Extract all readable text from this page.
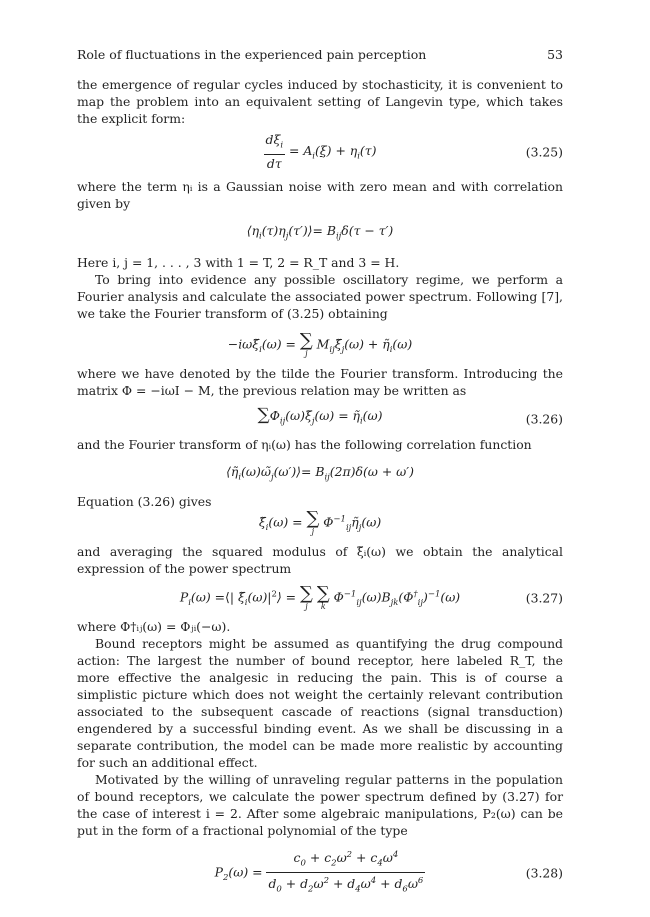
Role of fluctuations in the experienced pain perception	53

the emergence of regular cycles induced by stochasticity, it is convenient to map the problem into an equivalent setting of Langevin type, which takes the explicit form:

$\frac{d\xi_i}{d\tau} = A_i(\xi) + \eta_i(\tau)$	(3.25)

where the term ηᵢ is a Gaussian noise with zero mean and with correlation given by

$⟨\eta_i(\tau)\eta_j(\tau')⟩= B_{ij}\delta(\tau - \tau')$

Here i, j = 1, . . . , 3 with 1 = T, 2 = R_T and 3 = H.

To bring into evidence any possible oscillatory regime, we perform a Fourier analysis and calculate the associated power spectrum. Following [7], we take the Fourier transform of (3.25) obtaining

$-i\omega\xĩ_i(\omega)$ = ∑
j
$M_{ij}\xĩ_j(\omega)$ + $\etã_i(\omega)$

where we have denoted by the tilde the Fourier transform. Introducing the matrix Φ = −iωI − M, the previous relation may be written as

$\sum\Phi_{ij}(\omega)\xĩ_j(\omega)$ = $\etã_i(\omega)$	(3.26)

and the Fourier transform of ηᵢ(ω) has the following correlation function

$⟨\etã_i(\omega)\omegã_j(\omega')⟩= B_{ij}(2\pi)\delta(\omega + \omega')$

Equation (3.26) gives

$\xĩ_i(\omega)$ = ∑
j
$\Phi^{-1}_{ij}\etã_j(\omega)$

and averaging the squared modulus of ξ̃ᵢ(ω) we obtain the analytical expression of the power spectrum

$P_i(\omega)$ =⟨| $\xĩ_i(\omega)|^2⟩$ = ∑
j

∑
k
$\Phi^{-1}_{ij}(\omega)B_{jk}(\Phi^\dagger_{ij})^{-1}(\omega)$	(3.27)

where Φ†ᵢⱼ(ω) = Φⱼᵢ(−ω).

Bound receptors might be assumed as quantifying the drug compound action: The largest the number of bound receptor, here labeled R_T, the more effective the analgesic in reducing the pain. This is of course a simplistic picture which does not weight the certainly relevant contribution associated to the subsequent cascade of reactions (signal transduction) engendered by a successful binding event. As we shall be discussing in a separate contribution, the model can be made more realistic by accounting for such an additional effect.

Motivated by the willing of unraveling regular patterns in the population of bound receptors, we calculate the power spectrum defined by (3.27) for the case of interest i = 2. After some algebraic manipulations, P₂(ω) can be put in the form of a fractional polynomial of the type

$P_2(\omega) = \frac{c_0 + c_2\omega^2 + c_4\omega^4}{d_0 + d_2\omega^2 + d_4\omega^4 + d_6\omega^6}$	(3.28)
